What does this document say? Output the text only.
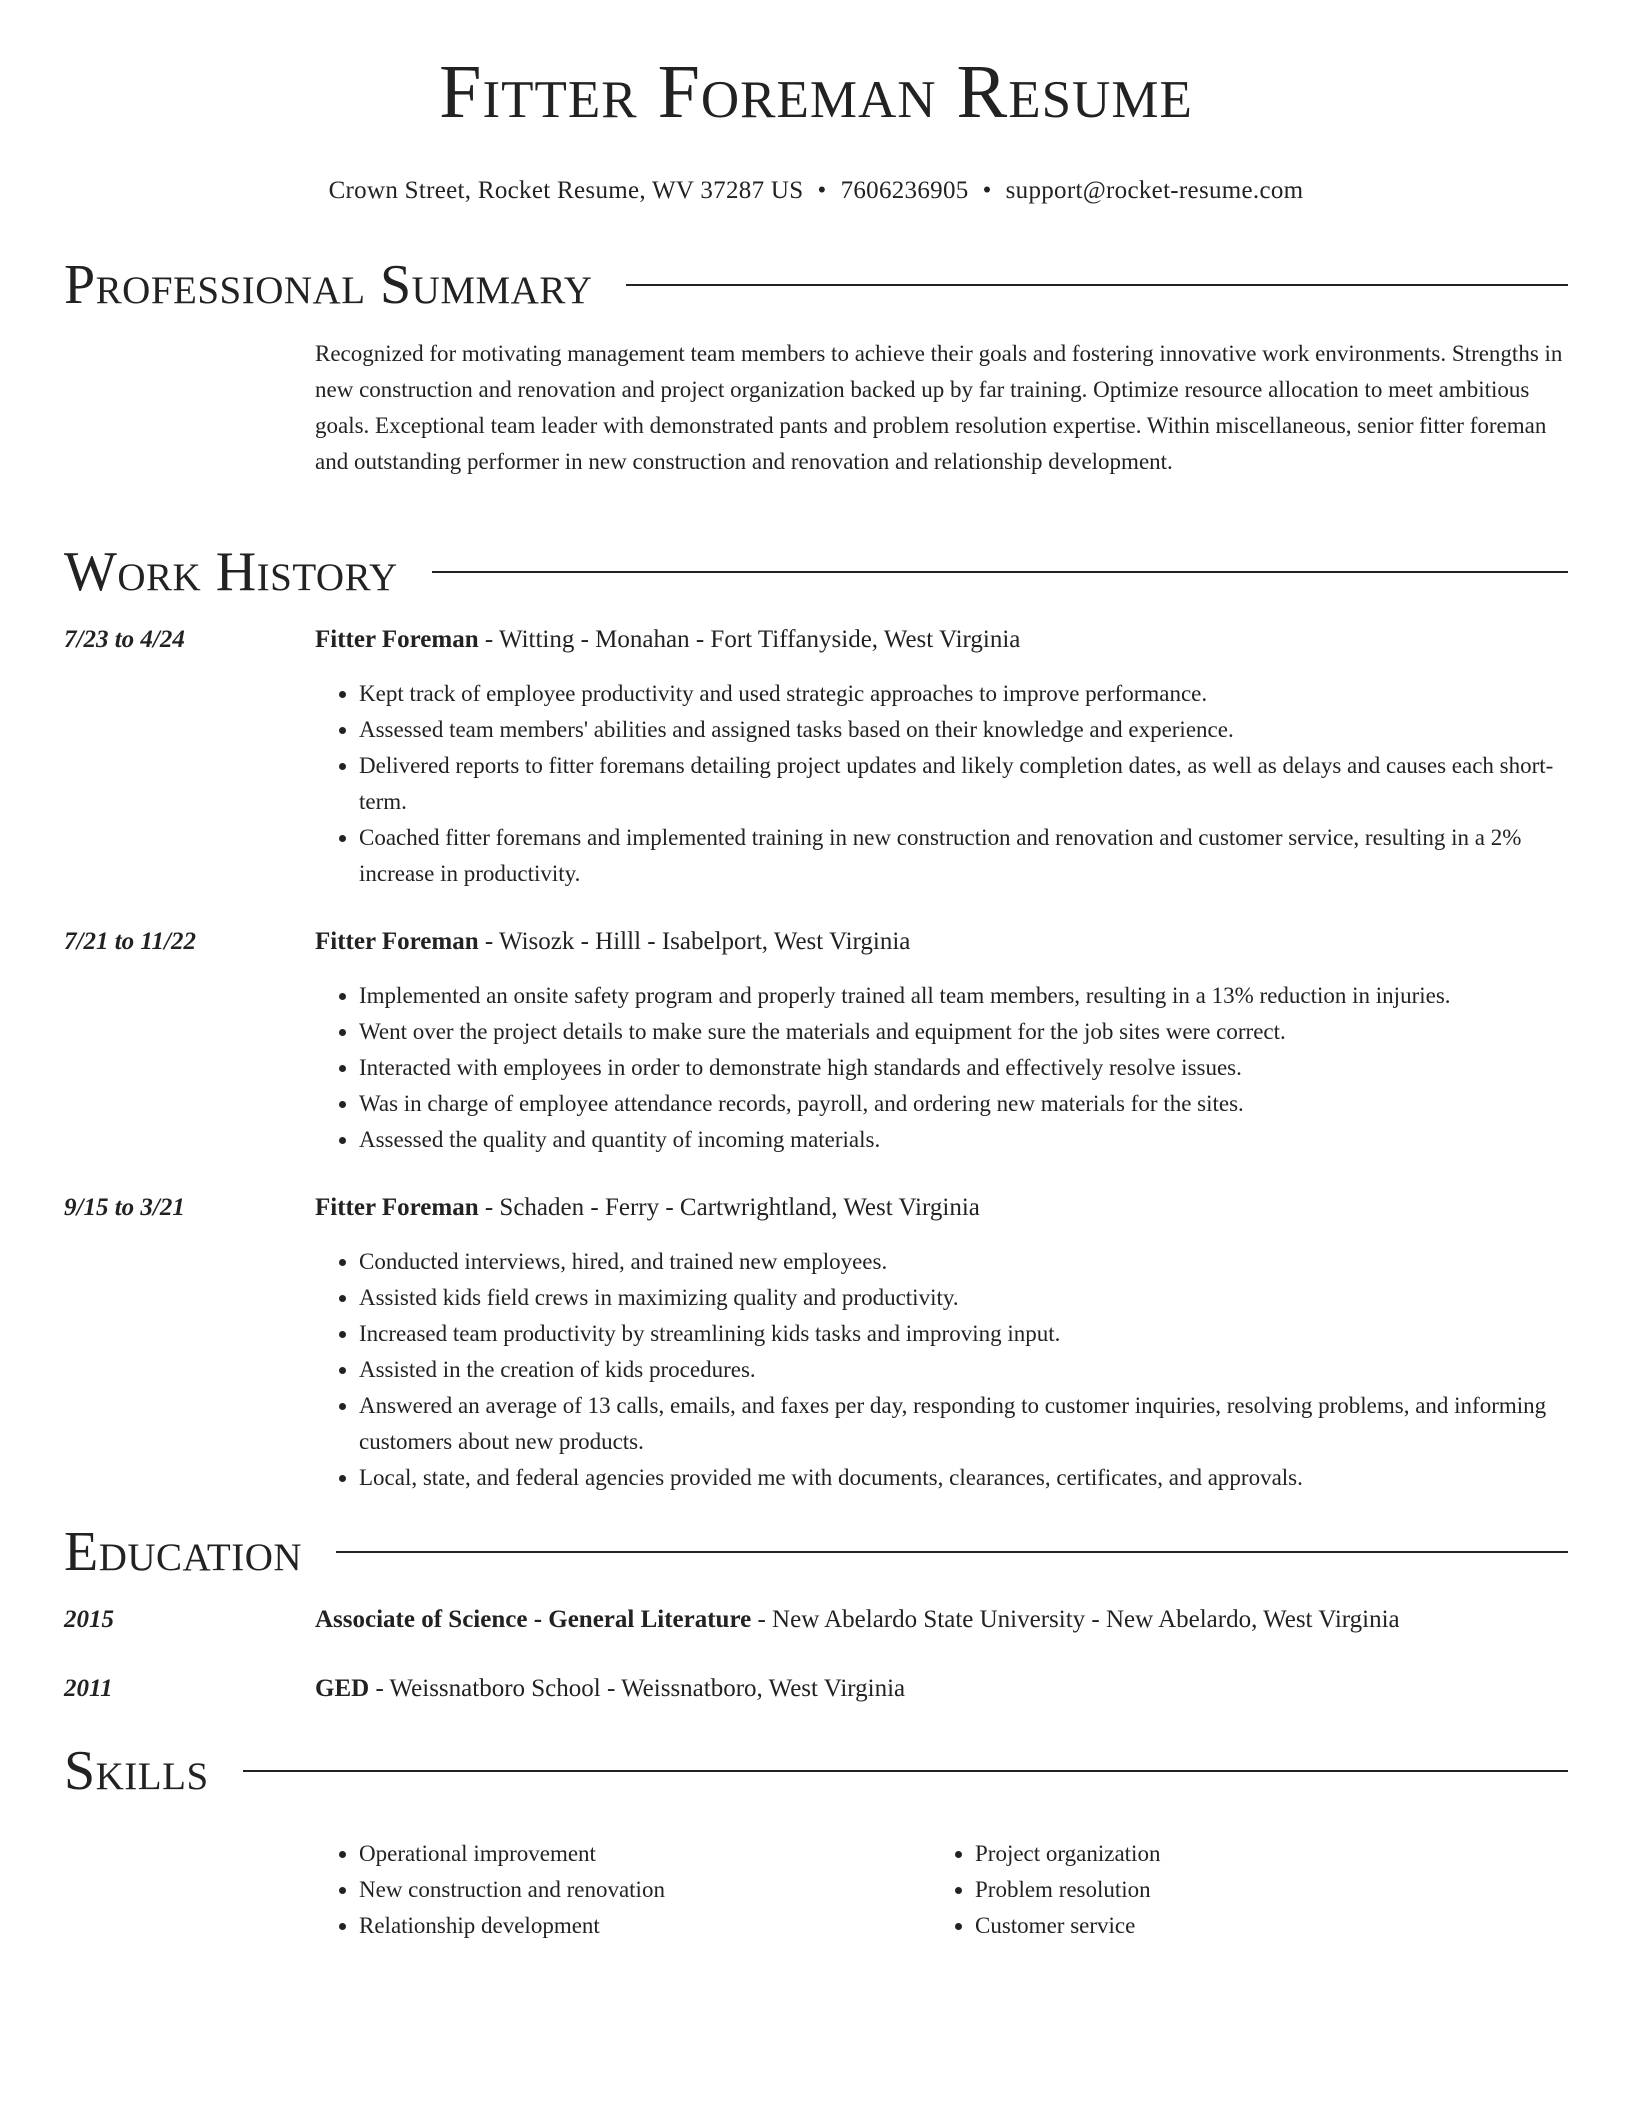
Fitter Foreman Resume
Crown Street, Rocket Resume, WV 37287 US • 7606236905 • support@rocket-resume.com
Professional Summary

Recognized for motivating management team members to achieve their goals and fostering innovative work environments. Strengths in new construction and renovation and project organization backed up by far training. Optimize resource allocation to meet ambitious goals. Exceptional team leader with demonstrated pants and problem resolution expertise. Within miscellaneous, senior fitter foreman and outstanding performer in new construction and renovation and relationship development.

Work History
7/23 to 4/24	Fitter Foreman - Witting - Monahan - Fort Tiffanyside, West Virginia
• Kept track of employee productivity and used strategic approaches to improve performance.
• Assessed team members' abilities and assigned tasks based on their knowledge and experience.
• Delivered reports to fitter foremans detailing project updates and likely completion dates, as well as delays and causes each short-term.
• Coached fitter foremans and implemented training in new construction and renovation and customer service, resulting in a 2% increase in productivity.
7/21 to 11/22	Fitter Foreman - Wisozk - Hilll - Isabelport, West Virginia
• Implemented an onsite safety program and properly trained all team members, resulting in a 13% reduction in injuries.
• Went over the project details to make sure the materials and equipment for the job sites were correct.
• Interacted with employees in order to demonstrate high standards and effectively resolve issues.
• Was in charge of employee attendance records, payroll, and ordering new materials for the sites.
• Assessed the quality and quantity of incoming materials.
9/15 to 3/21	Fitter Foreman - Schaden - Ferry - Cartwrightland, West Virginia
• Conducted interviews, hired, and trained new employees.
• Assisted kids field crews in maximizing quality and productivity.
• Increased team productivity by streamlining kids tasks and improving input.
• Assisted in the creation of kids procedures.
• Answered an average of 13 calls, emails, and faxes per day, responding to customer inquiries, resolving problems, and informing customers about new products.
• Local, state, and federal agencies provided me with documents, clearances, certificates, and approvals.
Education
2015	Associate of Science - General Literature - New Abelardo State University - New Abelardo, West Virginia
2011	GED - Weissnatboro School - Weissnatboro, West Virginia
Skills
• Operational improvement
• New construction and renovation
• Relationship development
• Project organization
• Problem resolution
• Customer service
